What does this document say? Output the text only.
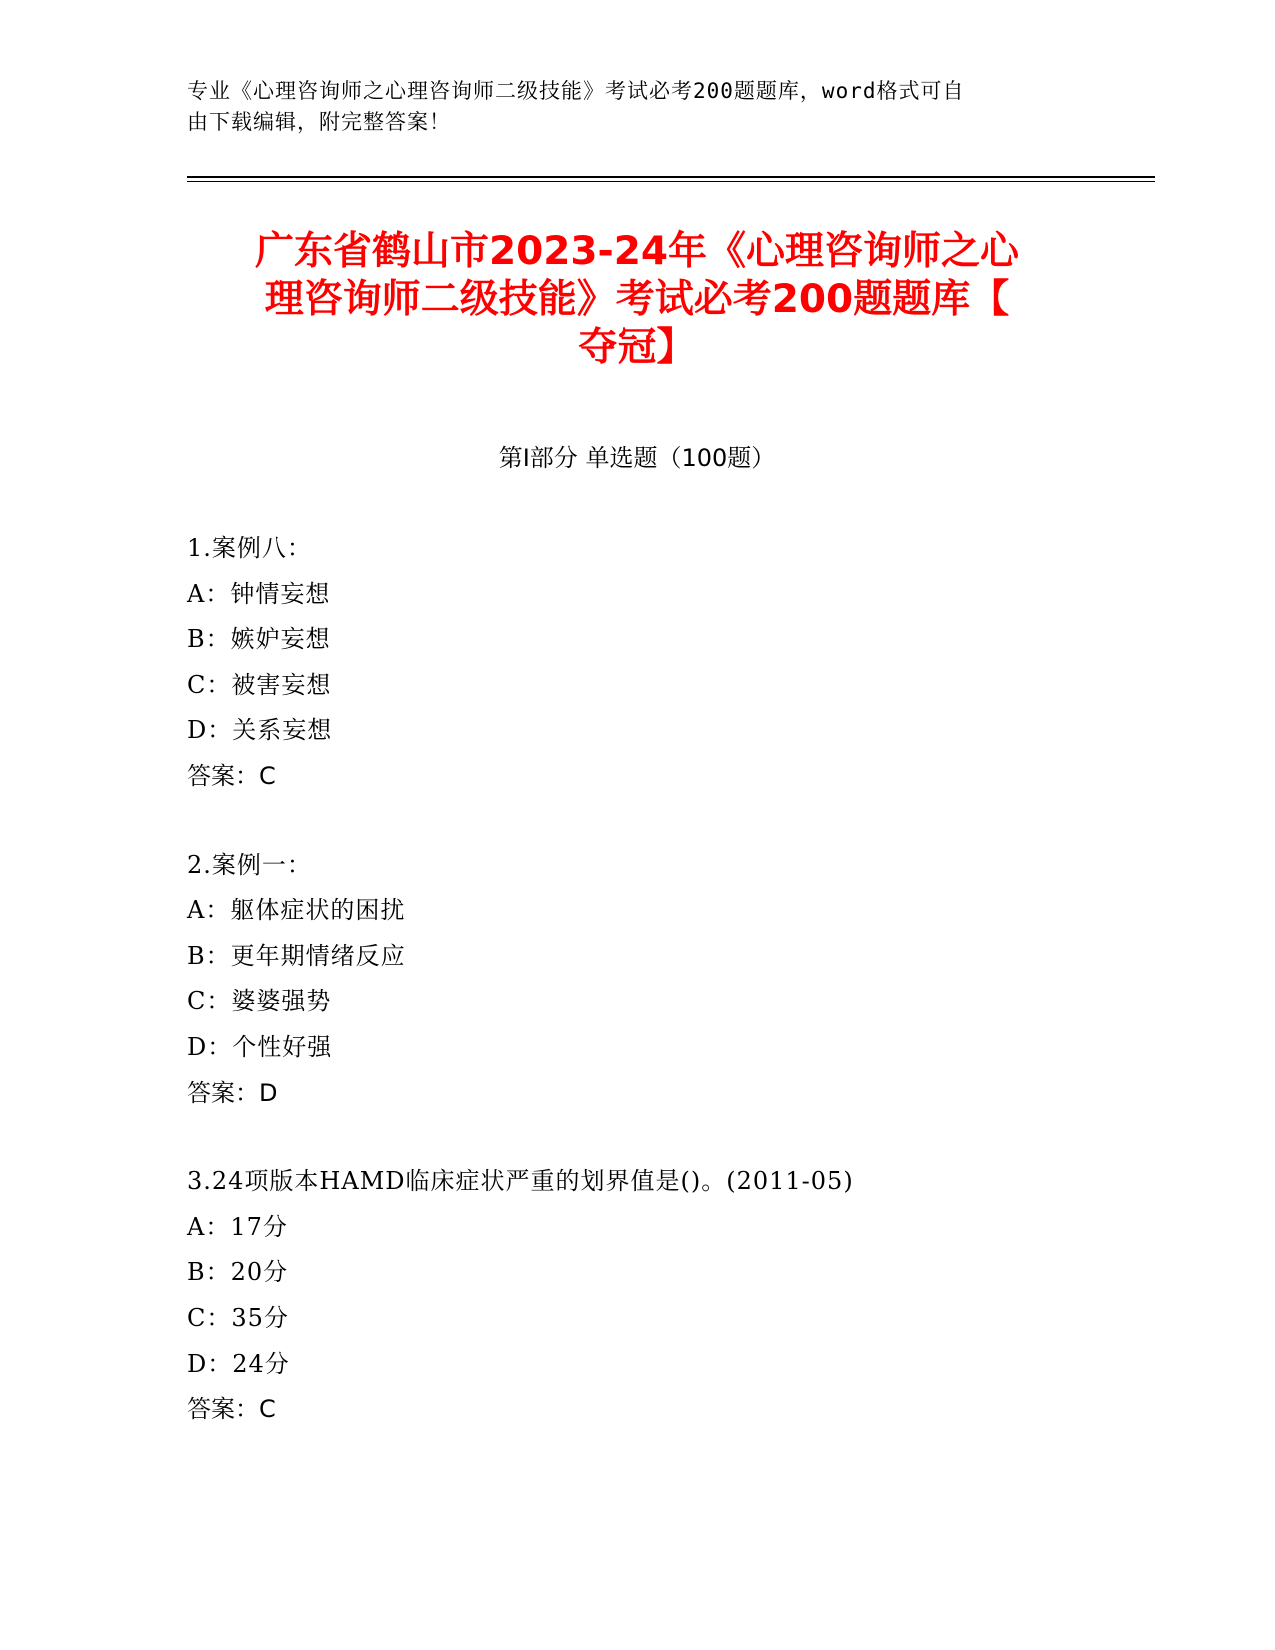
专业《心理咨询师之心理咨询师二级技能》考试必考200题题库，word格式可自
由下载编辑，附完整答案！
广东省鹤山市2023-24年《心理咨询师之心
理咨询师二级技能》考试必考200题题库【
夺冠】
第Ⅰ部分 单选题（100题）
1.案例八：
A：钟情妄想
B：嫉妒妄想
C：被害妄想
D：关系妄想
答案：C
2.案例一：
A：躯体症状的困扰
B：更年期情绪反应
C：婆婆强势
D：个性好强
答案：D
3.24项版本HAMD临床症状严重的划界值是()。(2011-05)
A：17分
B：20分
C：35分
D：24分
答案：C
